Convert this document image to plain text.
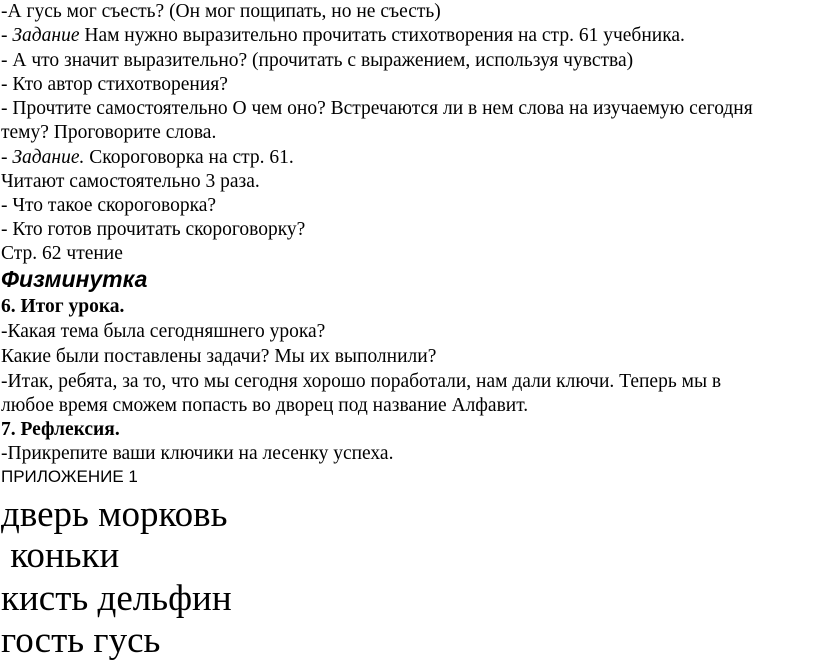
-А гусь мог съесть? (Он мог пощипать, но не съесть)
- Задание Нам нужно выразительно прочитать стихотворения на стр. 61 учебника.
- А что значит выразительно? (прочитать с выражением, используя чувства)
- Кто автор стихотворения?
- Прочтите самостоятельно О чем оно? Встречаются ли в нем слова на изучаемую сегодня
тему? Проговорите слова.
- Задание. Скороговорка на стр. 61.
Читают самостоятельно 3 раза.
- Что такое скороговорка?
- Кто готов прочитать скороговорку?
Стр. 62 чтение
Физминутка
6. Итог урока.
-Какая тема была сегодняшнего урока?
Какие были поставлены задачи? Мы их выполнили?
-Итак, ребята, за то, что мы сегодня хорошо поработали, нам дали ключи. Теперь мы в
любое время сможем попасть во дворец под название Алфавит.
7. Рефлексия.
-Прикрепите ваши ключики на лесенку успеха.
ПРИЛОЖЕНИЕ 1
дверь морковь
коньки
кисть дельфин
гость гусь
